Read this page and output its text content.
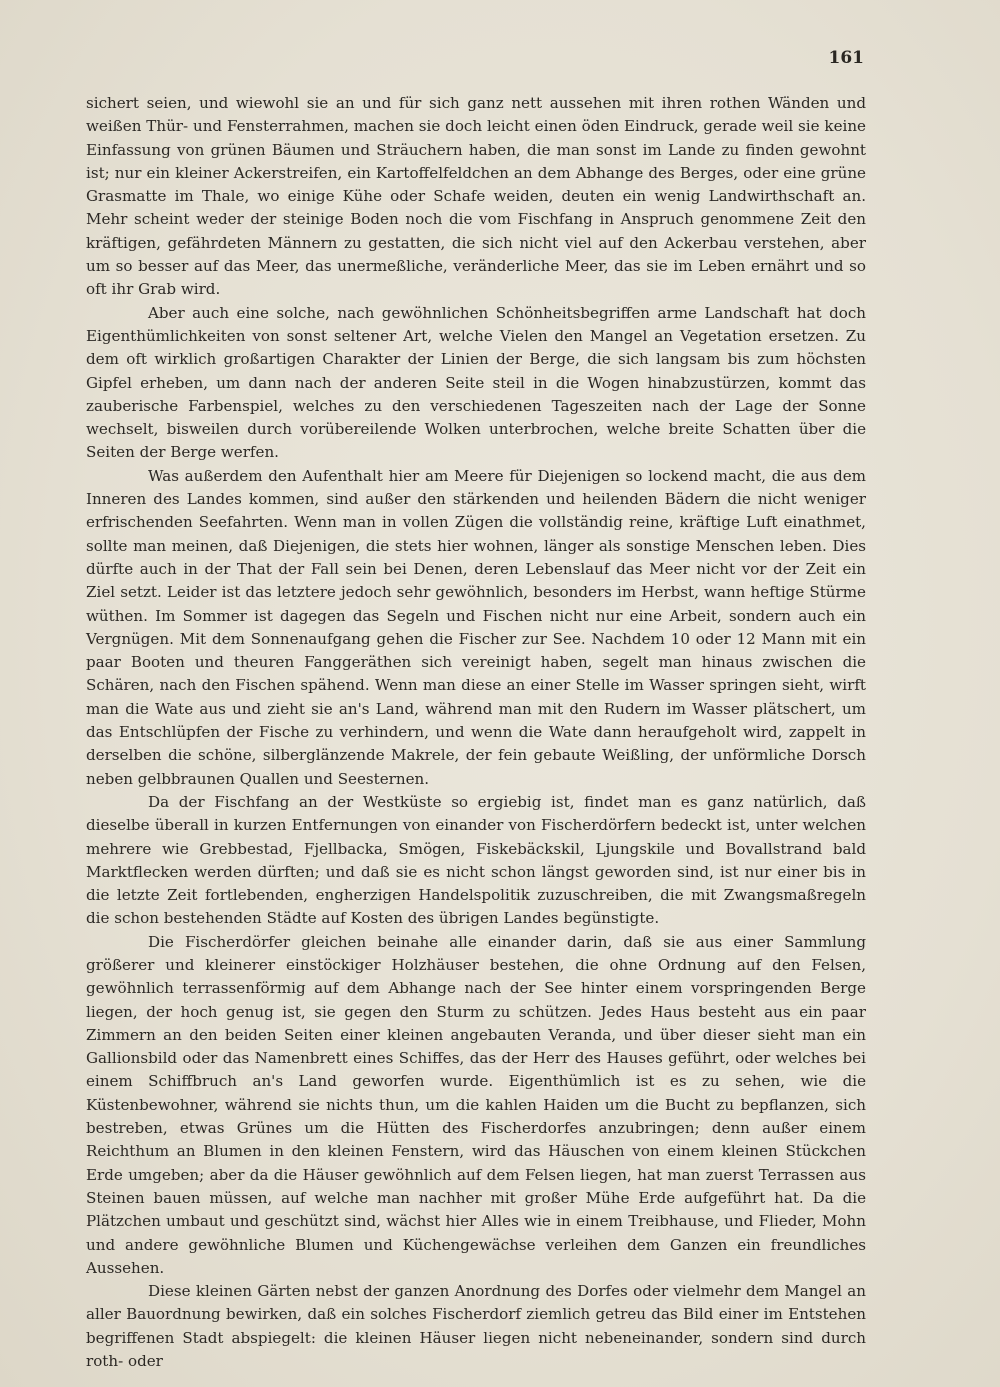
161

sichert seien, und wiewohl sie an und für sich ganz nett aussehen mit ihren rothen Wänden und weißen Thür- und Fensterrahmen, machen sie doch leicht einen öden Eindruck, gerade weil sie keine Einfassung von grünen Bäumen und Sträuchern haben, die man sonst im Lande zu finden gewohnt ist; nur ein kleiner Ackerstreifen, ein Kartoffelfeldchen an dem Abhange des Berges, oder eine grüne Grasmatte im Thale, wo einige Kühe oder Schafe weiden, deuten ein wenig Landwirthschaft an. Mehr scheint weder der steinige Boden noch die vom Fischfang in Anspruch genommene Zeit den kräftigen, gefährdeten Männern zu gestatten, die sich nicht viel auf den Ackerbau verstehen, aber um so besser auf das Meer, das unermeßliche, veränderliche Meer, das sie im Leben ernährt und so oft ihr Grab wird.

Aber auch eine solche, nach gewöhnlichen Schönheitsbegriffen arme Landschaft hat doch Eigenthümlichkeiten von sonst seltener Art, welche Vielen den Mangel an Vegetation ersetzen. Zu dem oft wirklich großartigen Charakter der Linien der Berge, die sich langsam bis zum höchsten Gipfel erheben, um dann nach der anderen Seite steil in die Wogen hinabzustürzen, kommt das zauberische Farbenspiel, welches zu den verschiedenen Tageszeiten nach der Lage der Sonne wechselt, bisweilen durch vorübereilende Wolken unterbrochen, welche breite Schatten über die Seiten der Berge werfen.

Was außerdem den Aufenthalt hier am Meere für Diejenigen so lockend macht, die aus dem Inneren des Landes kommen, sind außer den stärkenden und heilenden Bädern die nicht weniger erfrischenden Seefahrten. Wenn man in vollen Zügen die vollständig reine, kräftige Luft einathmet, sollte man meinen, daß Diejenigen, die stets hier wohnen, länger als sonstige Menschen leben. Dies dürfte auch in der That der Fall sein bei Denen, deren Lebenslauf das Meer nicht vor der Zeit ein Ziel setzt. Leider ist das letztere jedoch sehr gewöhnlich, besonders im Herbst, wann heftige Stürme wüthen. Im Sommer ist dagegen das Segeln und Fischen nicht nur eine Arbeit, sondern auch ein Vergnügen. Mit dem Sonnenaufgang gehen die Fischer zur See. Nachdem 10 oder 12 Mann mit ein paar Booten und theuren Fanggeräthen sich vereinigt haben, segelt man hinaus zwischen die Schären, nach den Fischen spähend. Wenn man diese an einer Stelle im Wasser springen sieht, wirft man die Wate aus und zieht sie an's Land, während man mit den Rudern im Wasser plätschert, um das Entschlüpfen der Fische zu verhindern, und wenn die Wate dann heraufgeholt wird, zappelt in derselben die schöne, silberglänzende Makrele, der fein gebaute Weißling, der unförmliche Dorsch neben gelbbraunen Quallen und Seesternen.

Da der Fischfang an der Westküste so ergiebig ist, findet man es ganz natürlich, daß dieselbe überall in kurzen Entfernungen von einander von Fischerdörfern bedeckt ist, unter welchen mehrere wie Grebbestad, Fjellbacka, Smögen, Fiskebäckskil, Ljungskile und Bovallstrand bald Marktflecken werden dürften; und daß sie es nicht schon längst geworden sind, ist nur einer bis in die letzte Zeit fortlebenden, engherzigen Handelspolitik zuzuschreiben, die mit Zwangsmaßregeln die schon bestehenden Städte auf Kosten des übrigen Landes begünstigte.

Die Fischerdörfer gleichen beinahe alle einander darin, daß sie aus einer Sammlung größerer und kleinerer einstöckiger Holzhäuser bestehen, die ohne Ordnung auf den Felsen, gewöhnlich terrassenförmig auf dem Abhange nach der See hinter einem vorspringenden Berge liegen, der hoch genug ist, sie gegen den Sturm zu schützen. Jedes Haus besteht aus ein paar Zimmern an den beiden Seiten einer kleinen angebauten Veranda, und über dieser sieht man ein Gallionsbild oder das Namenbrett eines Schiffes, das der Herr des Hauses geführt, oder welches bei einem Schiffbruch an's Land geworfen wurde. Eigenthümlich ist es zu sehen, wie die Küstenbewohner, während sie nichts thun, um die kahlen Haiden um die Bucht zu bepflanzen, sich bestreben, etwas Grünes um die Hütten des Fischerdorfes anzubringen; denn außer einem Reichthum an Blumen in den kleinen Fenstern, wird das Häuschen von einem kleinen Stückchen Erde umgeben; aber da die Häuser gewöhnlich auf dem Felsen liegen, hat man zuerst Terrassen aus Steinen bauen müssen, auf welche man nachher mit großer Mühe Erde aufgeführt hat. Da die Plätzchen umbaut und geschützt sind, wächst hier Alles wie in einem Treibhause, und Flieder, Mohn und andere gewöhnliche Blumen und Küchengewächse verleihen dem Ganzen ein freundliches Aussehen.

Diese kleinen Gärten nebst der ganzen Anordnung des Dorfes oder vielmehr dem Mangel an aller Bauordnung bewirken, daß ein solches Fischerdorf ziemlich getreu das Bild einer im Entstehen begriffenen Stadt abspiegelt: die kleinen Häuser liegen nicht nebeneinander, sondern sind durch roth- oder
